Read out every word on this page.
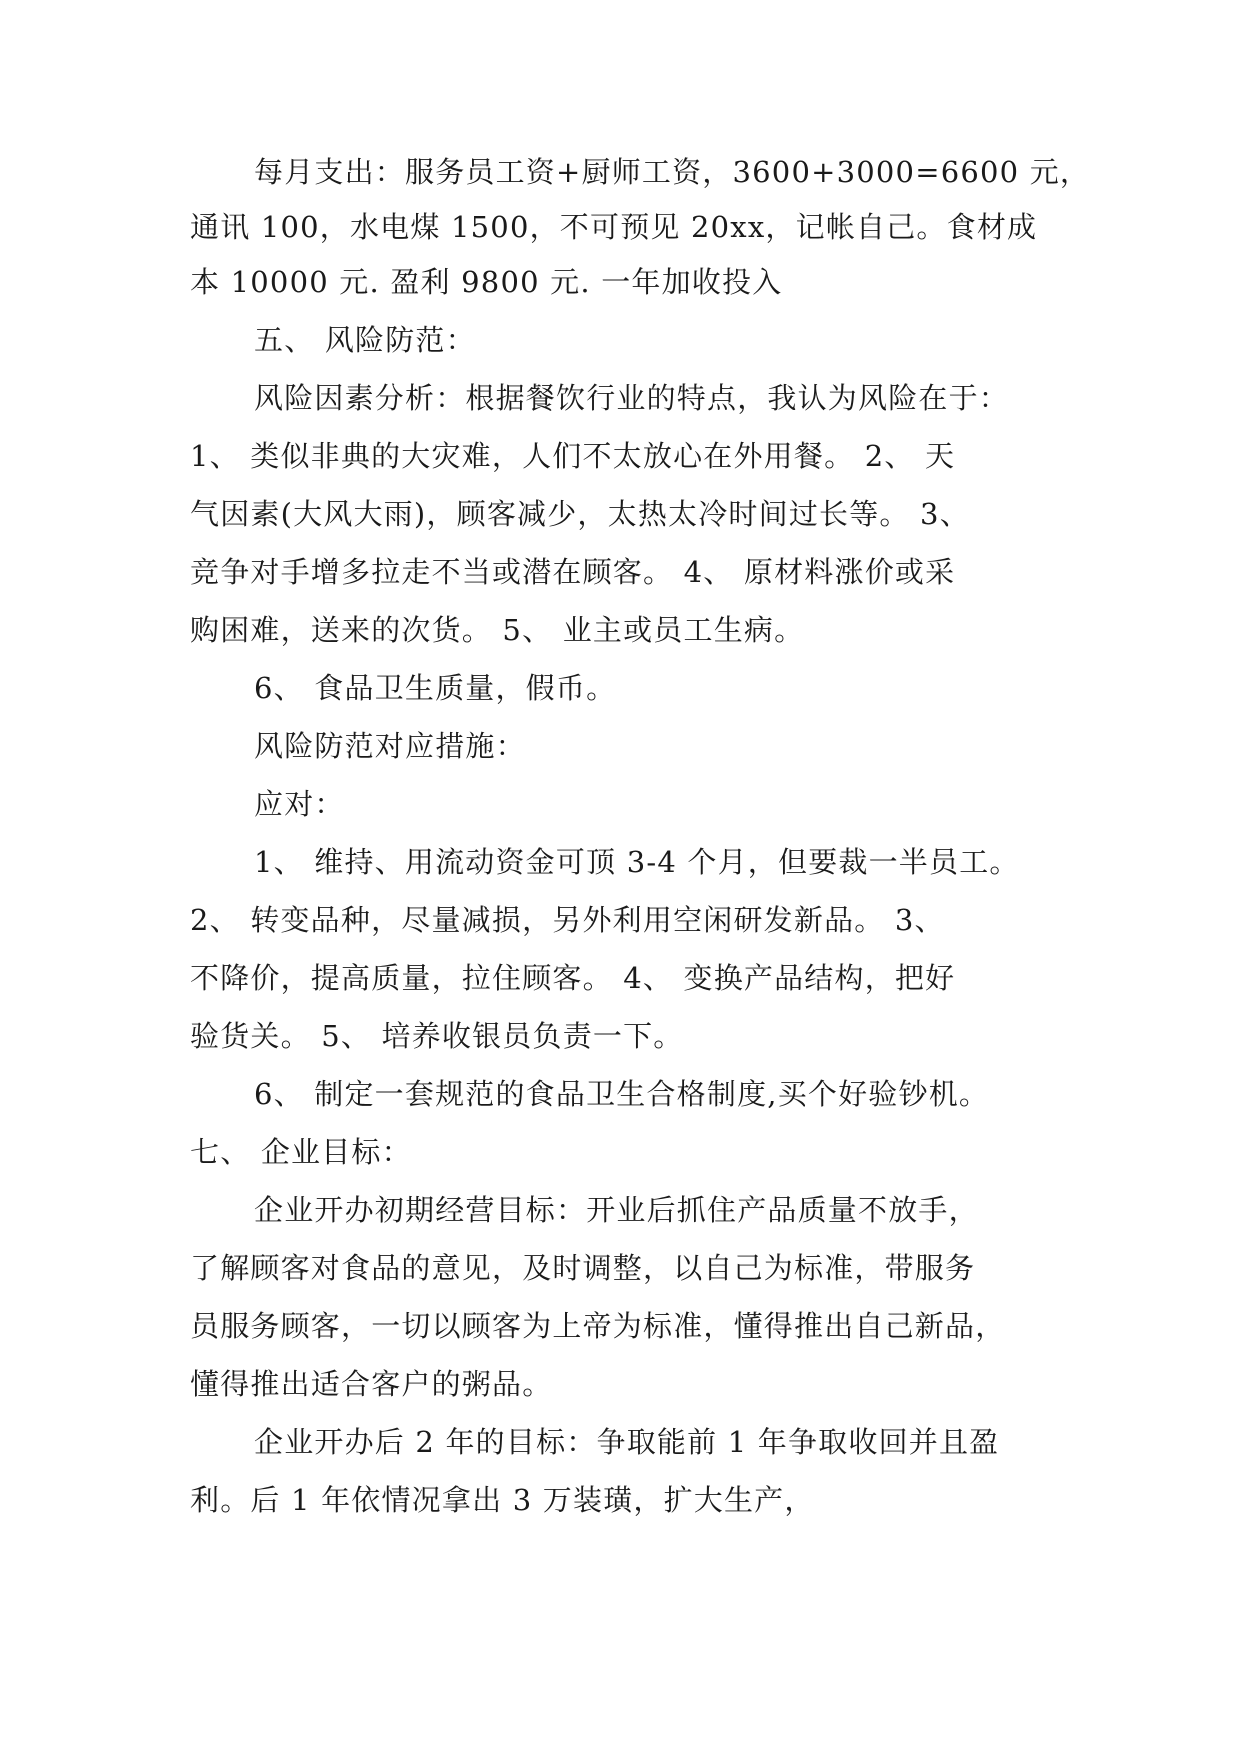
每月支出：服务员工资+厨师工资，3600+3000=6600 元，
通讯 100，水电煤 1500，不可预见 20xx，记帐自己。食材成
本 10000 元. 盈利 9800 元. 一年加收投入
五、 风险防范：
风险因素分析：根据餐饮行业的特点，我认为风险在于：
1、 类似非典的大灾难，人们不太放心在外用餐。 2、 天
气因素(大风大雨)，顾客减少，太热太冷时间过长等。 3、
竞争对手增多拉走不当或潜在顾客。 4、 原材料涨价或采
购困难，送来的次货。 5、 业主或员工生病。
6、 食品卫生质量，假币。
风险防范对应措施：
应对：
1、 维持、用流动资金可顶 3-4 个月，但要裁一半员工。
2、 转变品种，尽量减损，另外利用空闲研发新品。 3、
不降价，提高质量，拉住顾客。 4、 变换产品结构，把好
验货关。 5、 培养收银员负责一下。
6、 制定一套规范的食品卫生合格制度,买个好验钞机。
七、 企业目标：
企业开办初期经营目标：开业后抓住产品质量不放手，
了解顾客对食品的意见，及时调整，以自己为标准，带服务
员服务顾客，一切以顾客为上帝为标准，懂得推出自己新品，
懂得推出适合客户的粥品。
企业开办后 2 年的目标：争取能前 1 年争取收回并且盈
利。后 1 年依情况拿出 3 万装璜，扩大生产，
